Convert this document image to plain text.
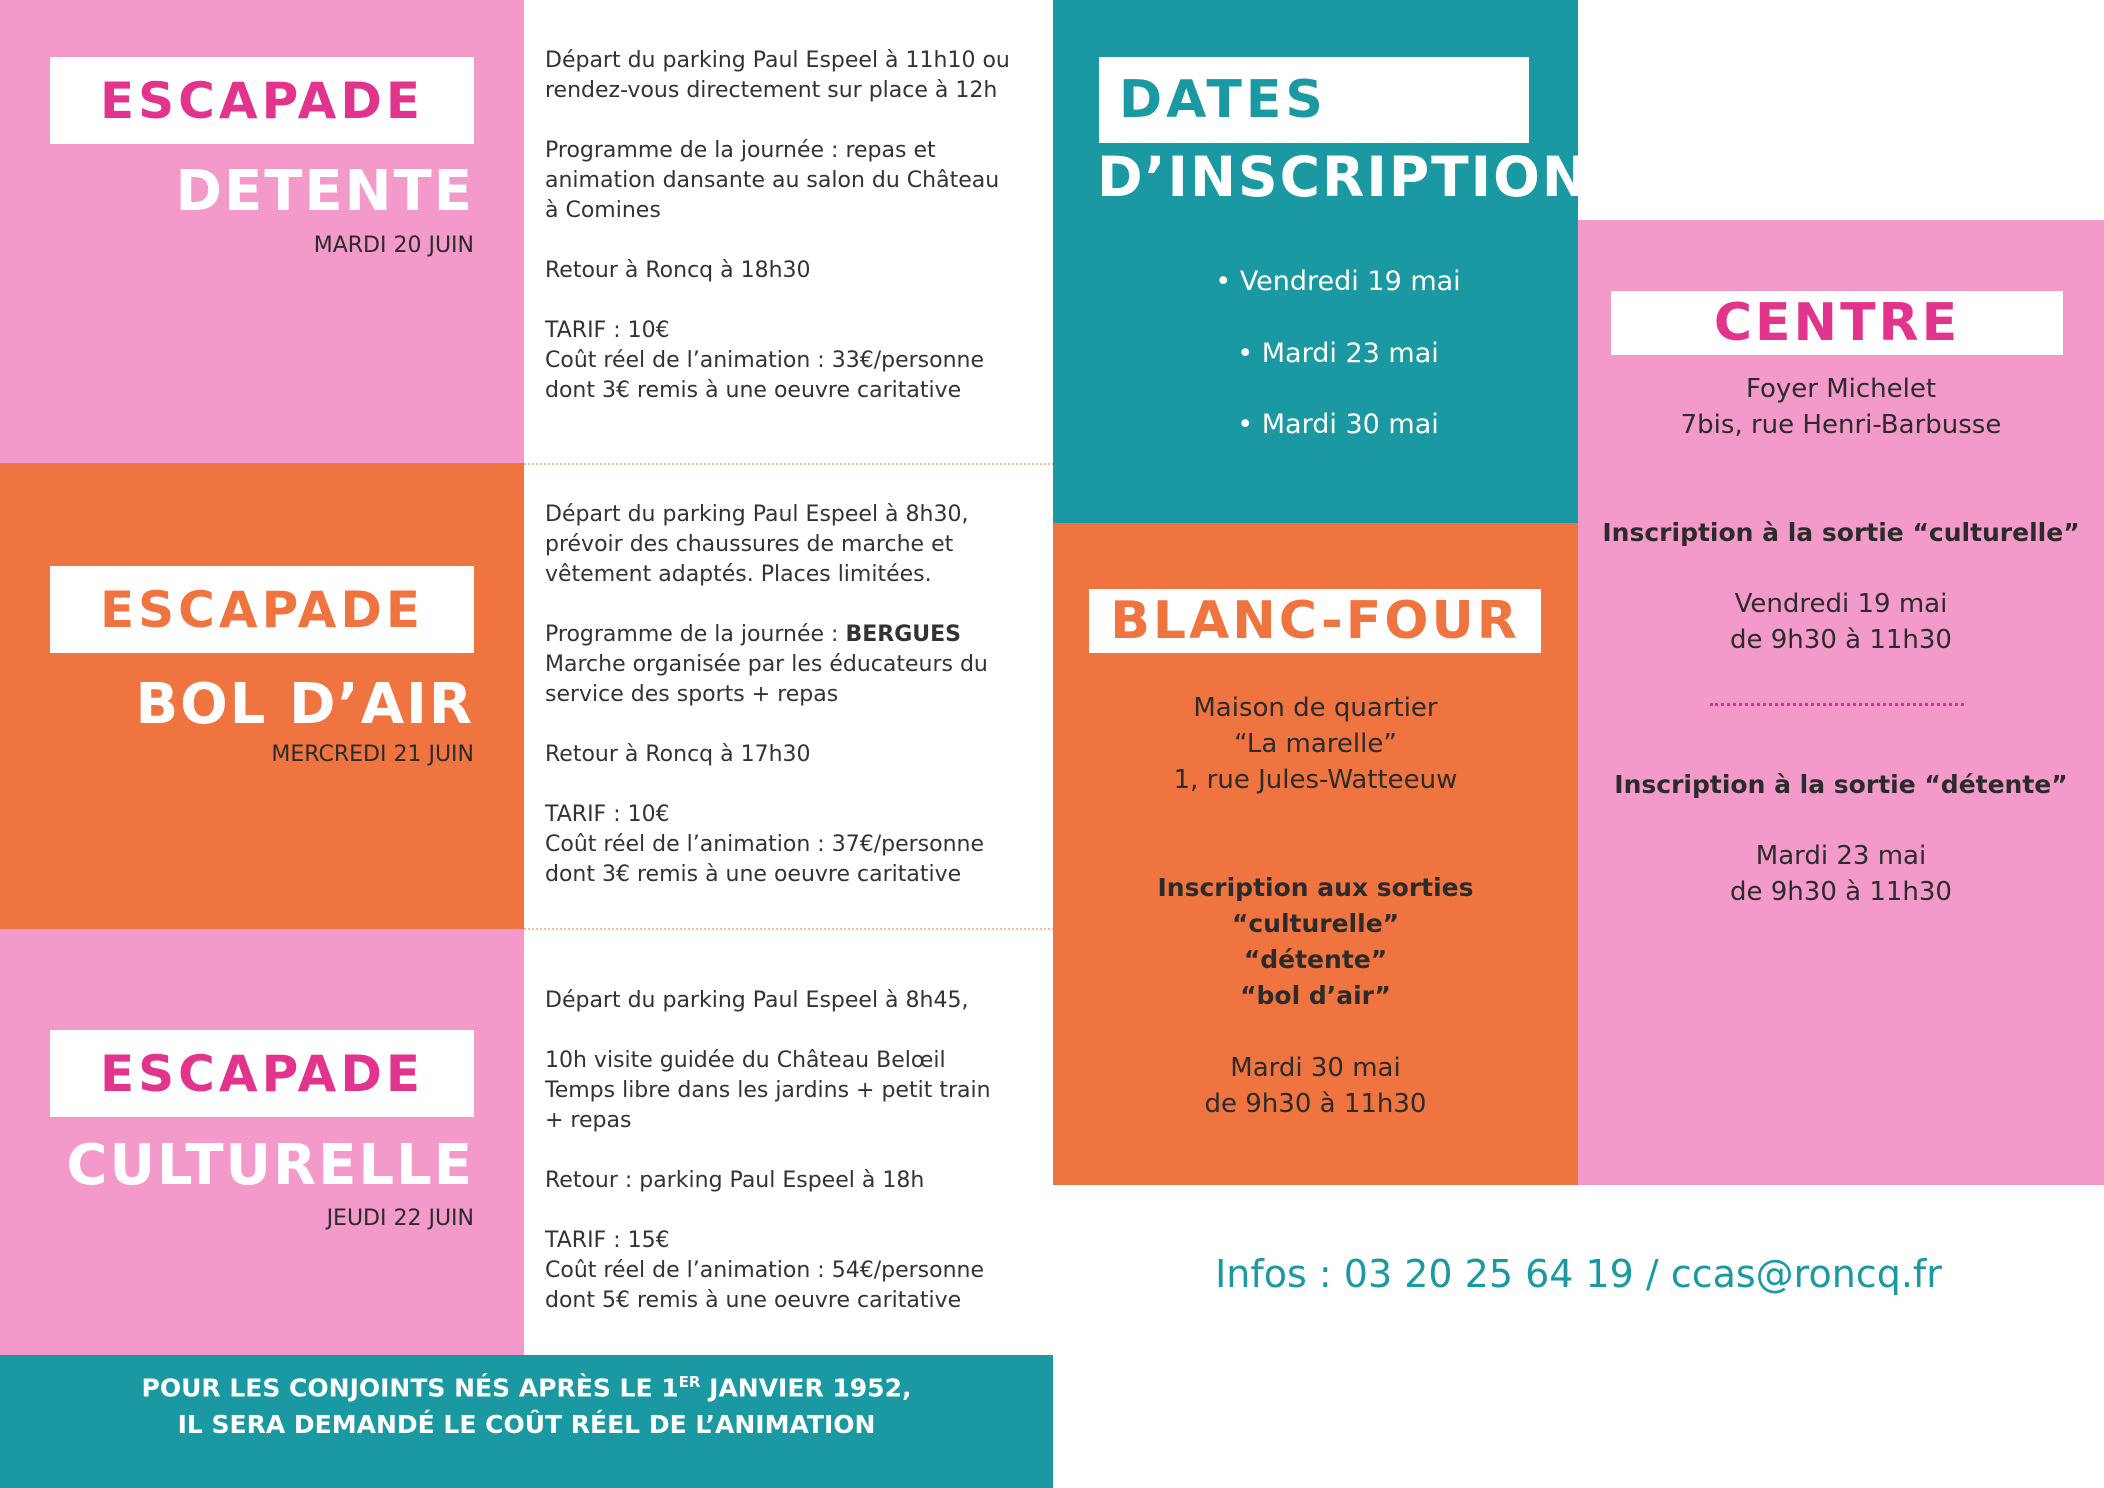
ESCAPADE
DETENTE
MARDI 20 JUIN
ESCAPADE
BOL D’AIR
MERCREDI 21 JUIN
ESCAPADE
CULTURELLE
JEUDI 22 JUIN

Départ du parking Paul Espeel à 11h10 ou
rendez-vous directement sur place à 12h

Programme de la journée : repas et
animation dansante au salon du Château
à Comines

Retour à Roncq à 18h30

TARIF : 10€
Coût réel de l’animation : 33€/personne
dont 3€ remis à une oeuvre caritative

Départ du parking Paul Espeel à 8h30,
prévoir des chaussures de marche et
vêtement adaptés. Places limitées.

Programme de la journée : BERGUES
Marche organisée par les éducateurs du
service des sports + repas

Retour à Roncq à 17h30

TARIF : 10€
Coût réel de l’animation : 37€/personne
dont 3€ remis à une oeuvre caritative

Départ du parking Paul Espeel à 8h45,

10h visite guidée du Château Belœil
Temps libre dans les jardins + petit train
+ repas

Retour : parking Paul Espeel à 18h

TARIF : 15€
Coût réel de l’animation : 54€/personne
dont 5€ remis à une oeuvre caritative

POUR LES CONJOINTS NÉS APRÈS LE 1ER JANVIER 1952,
IL SERA DEMANDÉ LE COÛT RÉEL DE L’ANIMATION
DATES
D’INSCRIPTION
• Vendredi 19 mai
• Mardi 23 mai
• Mardi 30 mai
BLANC-FOUR
Maison de quartier
“La marelle”
1, rue Jules-Watteeuw
Inscription aux sorties
“culturelle”
“détente”
“bol d’air”
Mardi 30 mai
de 9h30 à 11h30
CENTRE
Foyer Michelet
7bis, rue Henri-Barbusse
Inscription à la sortie “culturelle”
Vendredi 19 mai
de 9h30 à 11h30
Inscription à la sortie “détente”
Mardi 23 mai
de 9h30 à 11h30
Infos : 03 20 25 64 19 / ccas@roncq.fr
